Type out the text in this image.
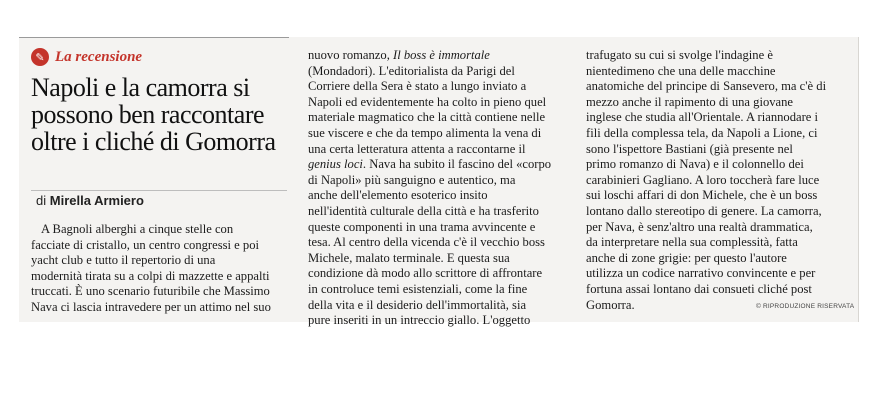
✎ La recensione
Napoli e la camorra si possono ben raccontare oltre i cliché di Gomorra
di Mirella Armiero
A Bagnoli alberghi a cinque stelle con
facciate di cristallo, un centro congressi e poi
yacht club e tutto il repertorio di una
modernità tirata su a colpi di mazzette e appalti
truccati. È uno scenario futuribile che Massimo
Nava ci lascia intravedere per un attimo nel suo
nuovo romanzo, Il boss è immortale
(Mondadori). L'editorialista da Parigi del
Corriere della Sera è stato a lungo inviato a
Napoli ed evidentemente ha colto in pieno quel
materiale magmatico che la città contiene nelle
sue viscere e che da tempo alimenta la vena di
una certa letteratura attenta a raccontarne il
genius loci. Nava ha subito il fascino del «corpo
di Napoli» più sanguigno e autentico, ma
anche dell'elemento esoterico insito
nell'identità culturale della città e ha trasferito
queste componenti in una trama avvincente e
tesa. Al centro della vicenda c'è il vecchio boss
Michele, malato terminale. E questa sua
condizione dà modo allo scrittore di affrontare
in controluce temi esistenziali, come la fine
della vita e il desiderio dell'immortalità, sia
pure inseriti in un intreccio giallo. L'oggetto
trafugato su cui si svolge l'indagine è
nientedimeno che una delle macchine
anatomiche del principe di Sansevero, ma c'è di
mezzo anche il rapimento di una giovane
inglese che studia all'Orientale. A riannodare i
fili della complessa tela, da Napoli a Lione, ci
sono l'ispettore Bastiani (già presente nel
primo romanzo di Nava) e il colonnello dei
carabinieri Gagliano. A loro toccherà fare luce
sui loschi affari di don Michele, che è un boss
lontano dallo stereotipo di genere. La camorra,
per Nava, è senz'altro una realtà drammatica,
da interpretare nella sua complessità, fatta
anche di zone grigie: per questo l'autore
utilizza un codice narrativo convincente e per
fortuna assai lontano dai consueti cliché post
Gomorra.	© RIPRODUZIONE RISERVATA
